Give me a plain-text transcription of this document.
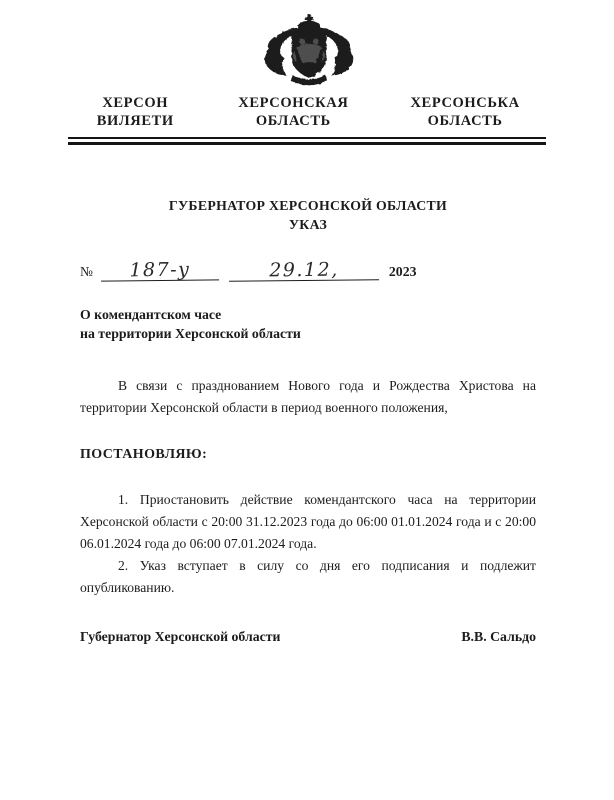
ХЕРСОН
ВИЛЯЕТИ
ХЕРСОНСКАЯ
ОБЛАСТЬ
ХЕРСОНСЬКА
ОБЛАСТЬ
ГУБЕРНАТОР ХЕРСОНСКОЙ ОБЛАСТИ
УКАЗ
№	187-у	29.12,	2023
О комендантском часе
на территории Херсонской области

В связи с празднованием Нового года и Рождества Христова на территории Херсонской области в период военного положения,

ПОСТАНОВЛЯЮ:

1. Приостановить действие комендантского часа на территории Херсонской области с 20:00 31.12.2023 года до 06:00 01.01.2024 года и с 20:00 06.01.2024 года до 06:00 07.01.2024 года.

2. Указ вступает в силу со дня его подписания и подлежит опубликованию.

Губернатор Херсонской области	В.В. Сальдо
